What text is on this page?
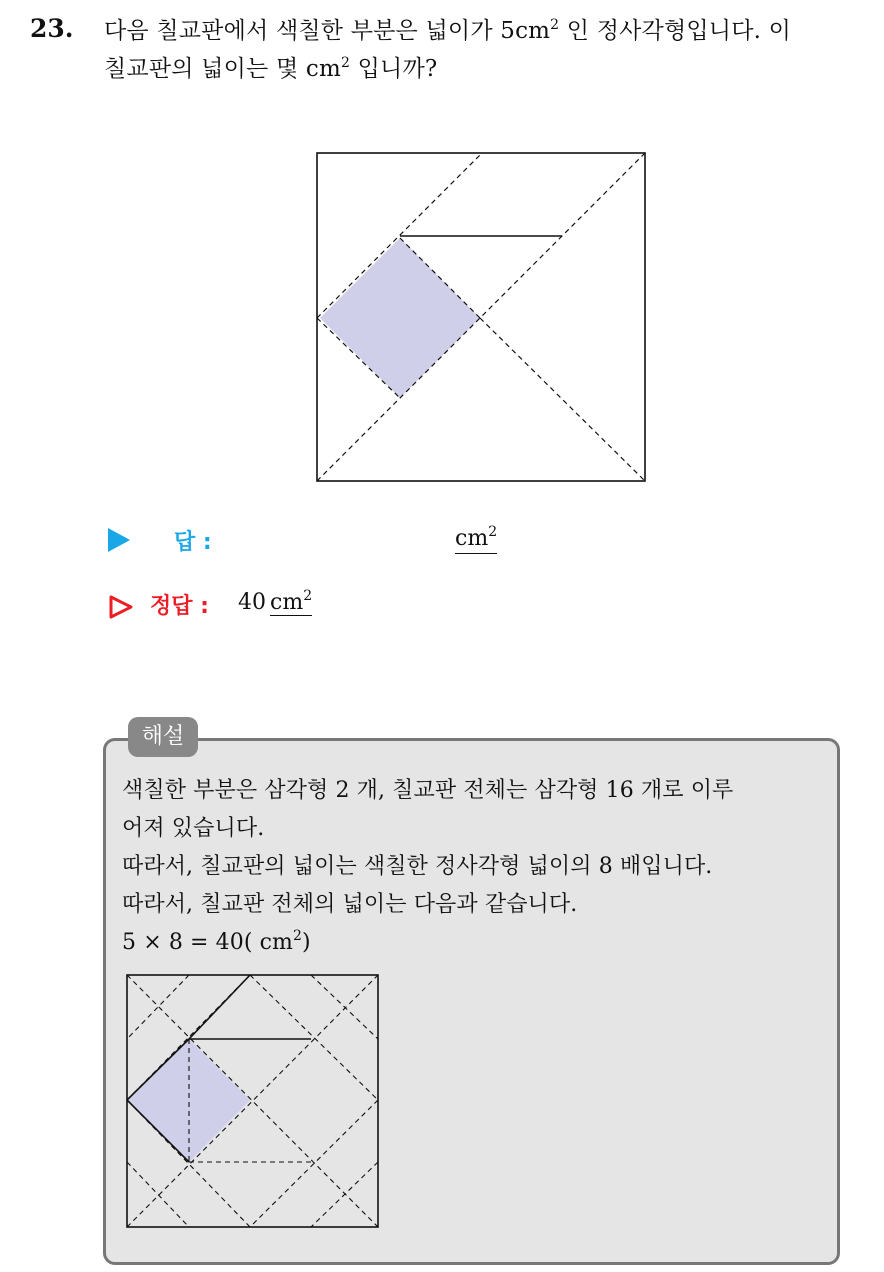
23. 다음 칠교판에서 색칠한 부분은 넓이가 $5cm^2$ 인 정사각형입니다. 이
칠교판의 넓이는 몇 $cm^2$ 입니까?
답 :	$cm^2$
정답 : 40 $cm^2$
해설

색칠한 부분은 삼각형 2 개, 칠교판 전체는 삼각형 16 개로 이루

어져 있습니다.

따라서, 칠교판의 넓이는 색칠한 정사각형 넓이의 8 배입니다.

따라서, 칠교판 전체의 넓이는 다음과 같습니다.

5 × 8 = 40( $cm^2$)
